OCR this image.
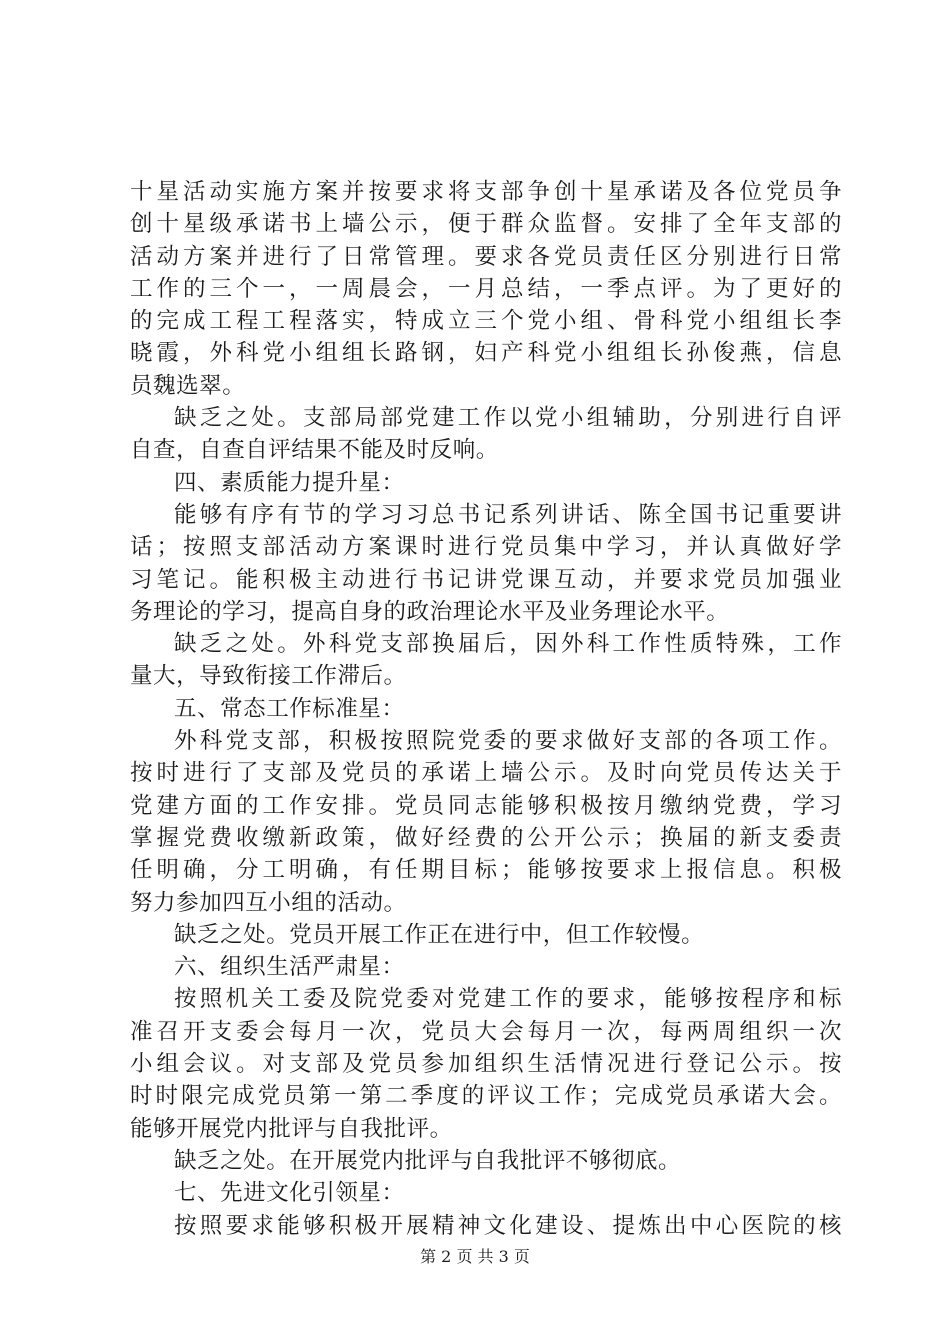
十星活动实施方案并按要求将支部争创十星承诺及各位党员争
创十星级承诺书上墙公示，便于群众监督。安排了全年支部的
活动方案并进行了日常管理。要求各党员责任区分别进行日常
工作的三个一，一周晨会，一月总结，一季点评。为了更好的
的完成工程工程落实，特成立三个党小组、骨科党小组组长李
晓霞，外科党小组组长路钢，妇产科党小组组长孙俊燕，信息
员魏选翠。
缺乏之处。支部局部党建工作以党小组辅助，分别进行自评
自查，自查自评结果不能及时反响。
四、素质能力提升星：
能够有序有节的学习习总书记系列讲话、陈全国书记重要讲
话；按照支部活动方案课时进行党员集中学习，并认真做好学
习笔记。能积极主动进行书记讲党课互动，并要求党员加强业
务理论的学习，提高自身的政治理论水平及业务理论水平。
缺乏之处。外科党支部换届后，因外科工作性质特殊，工作
量大，导致衔接工作滞后。
五、常态工作标准星：
外科党支部，积极按照院党委的要求做好支部的各项工作。
按时进行了支部及党员的承诺上墙公示。及时向党员传达关于
党建方面的工作安排。党员同志能够积极按月缴纳党费，学习
掌握党费收缴新政策，做好经费的公开公示；换届的新支委责
任明确，分工明确，有任期目标；能够按要求上报信息。积极
努力参加四互小组的活动。
缺乏之处。党员开展工作正在进行中，但工作较慢。
六、组织生活严肃星：
按照机关工委及院党委对党建工作的要求，能够按程序和标
准召开支委会每月一次，党员大会每月一次，每两周组织一次
小组会议。对支部及党员参加组织生活情况进行登记公示。按
时时限完成党员第一第二季度的评议工作；完成党员承诺大会。
能够开展党内批评与自我批评。
缺乏之处。在开展党内批评与自我批评不够彻底。
七、先进文化引领星：
按照要求能够积极开展精神文化建设、提炼出中心医院的核
第 2 页 共 3 页
